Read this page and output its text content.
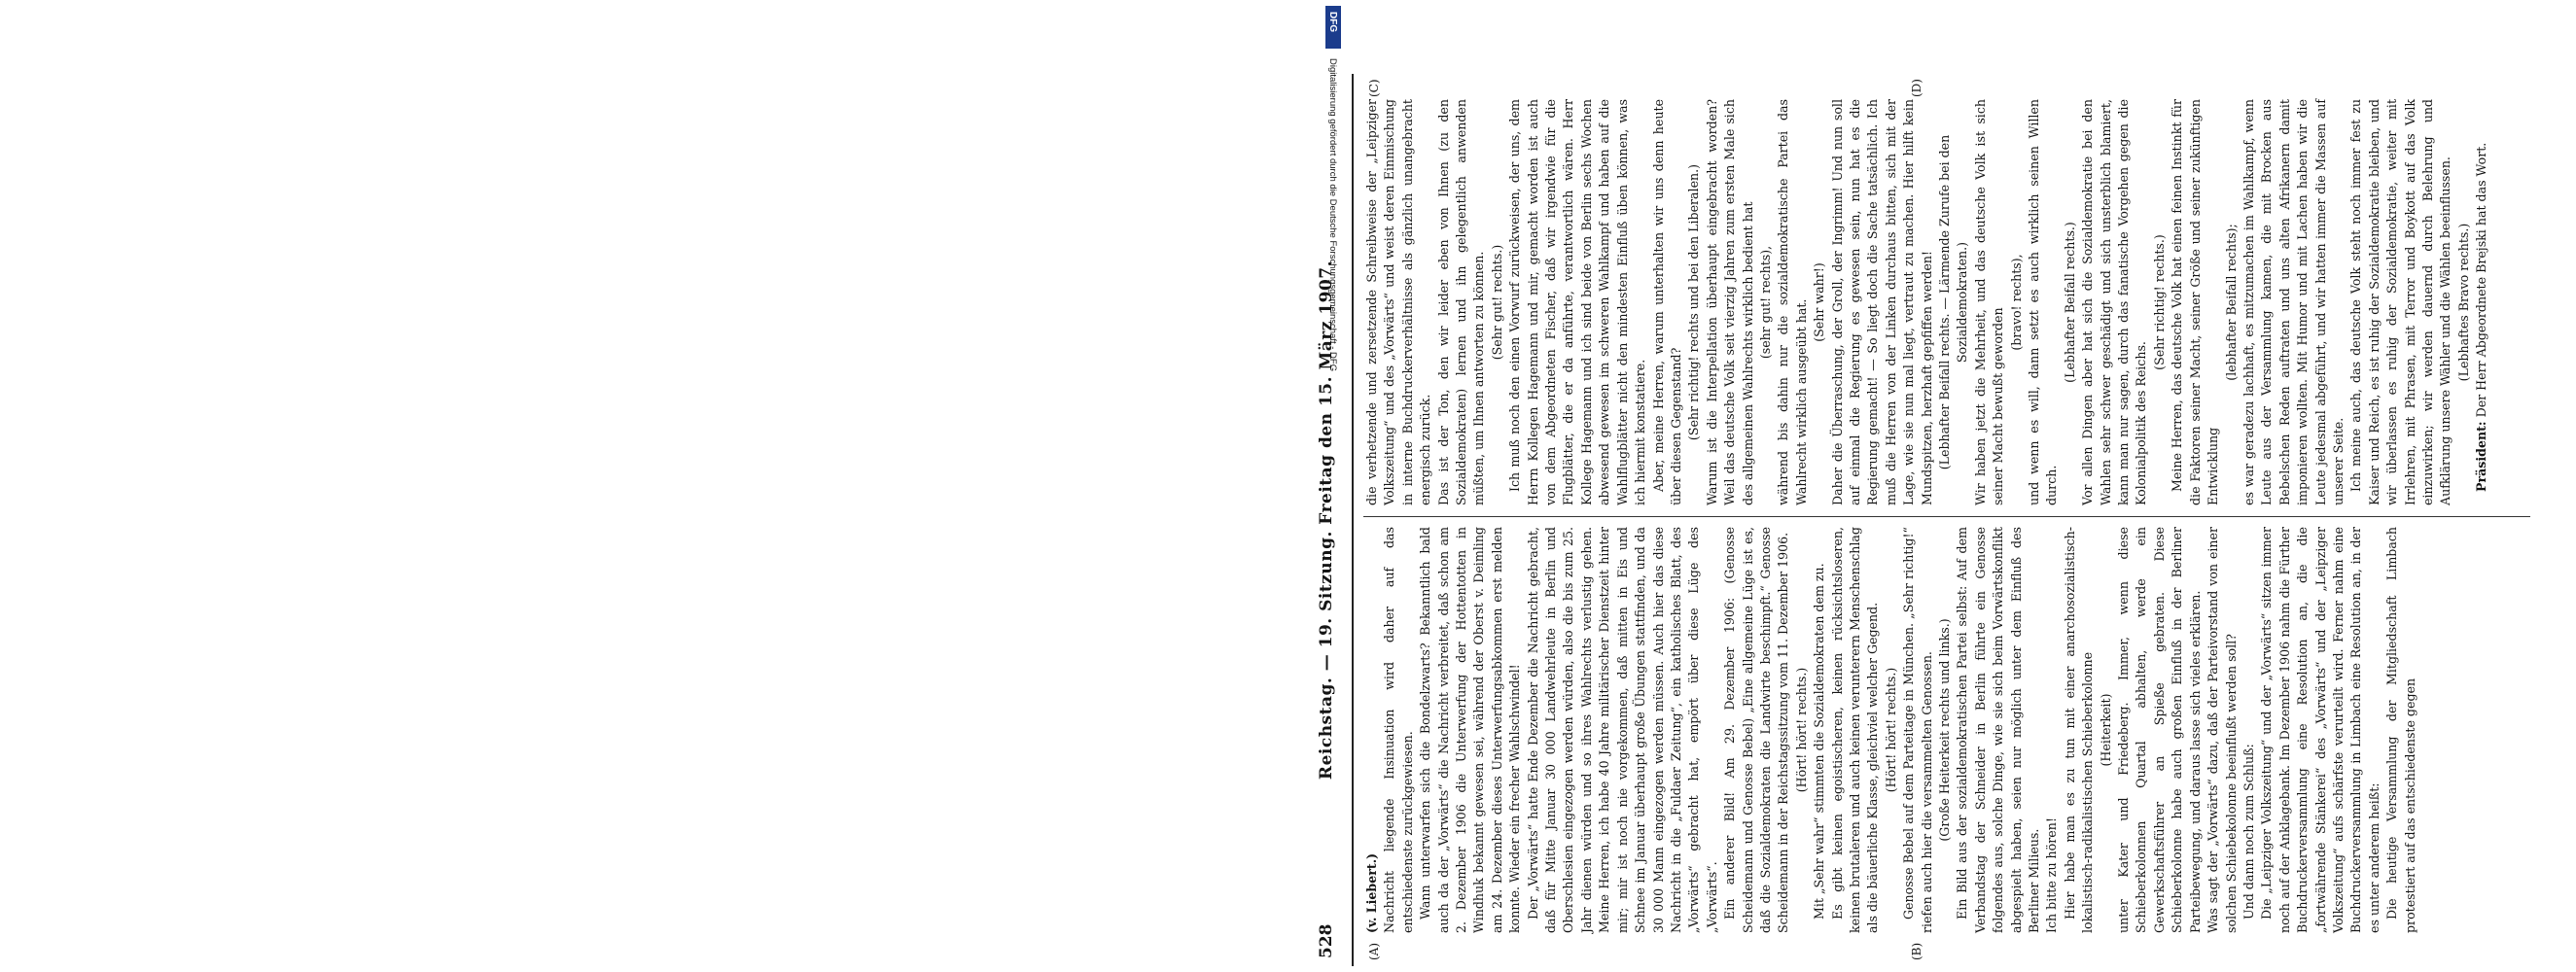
528
Reichstag. — 19. Sitzung. Freitag den 15. März 1907.
(A)	(B)
(C)	(D)

(v. Liebert.) Nachricht liegende Insinuation wird daher auf das entschiedenste zurückgewiesen. Wann unterwarfen sich die Bondelzwarts? Bekanntlich bald auch da der „Vorwärts“ die Nachricht verbreitet, daß schon am 2. Dezember 1906 die Unterwerfung der Hottentotten in Windhuk bekannt gewesen sei, während der Oberst v. Deimling am 24. Dezember dieses Unterwerfungsabkommen erst melden konnte. Wieder ein frecher Wahlschwindel! Der „Vorwärts“ hatte Ende Dezember die Nachricht gebracht, daß für Mitte Januar 30 000 Landwehrleute in Berlin und Oberschlesien eingezogen werden würden, also die bis zum 25. Jahr dienen würden und so ihres Wahlrechts verlustig gehen. Meine Herren, ich habe 40 Jahre militärischer Dienstzeit hinter mir; mir ist noch nie vorgekommen, daß mitten in Eis und Schnee im Januar überhaupt große Übungen stattfinden, und da 30 000 Mann eingezogen werden müssen. Auch hier das diese Nachricht in die „Fuldaer Zeitung“, ein katholisches Blatt, des „Vorwärts“ gebracht hat, empört über diese Lüge des „Vorwärts“. Ein anderer Bild! Am 29. Dezember 1906: (Genosse Scheidemann und Genosse Bebel) „Eine allgemeine Lüge ist es, daß die Sozialdemokraten die Landwirte beschimpft.“ Genosse Scheidemann in der Reichstagssitzung vom 11. Dezember 1906. (Hört! hört! rechts.) Mit „Sehr wahr“ stimmten die Sozialdemokraten dem zu. Es gibt keinen egoistischeren, keinen rücksichtsloseren, keinen brutaleren und auch keinen verunterern Menschenschlag als die bäuerliche Klasse, gleichviel welcher Gegend. (Hört! hört! rechts.) Genosse Bebel auf dem Parteitage in München. „Sehr richtig!“ riefen auch hier die versammelten Genossen. (Große Heiterkeit rechts und links.) Ein Bild aus der sozialdemokratischen Partei selbst: Auf dem Verbandstag der Schneider in Berlin führte ein Genosse folgendes aus, solche Dinge, wie sie sich beim Vorwärtskonflikt abgespielt haben, seien nur möglich unter dem Einfluß des Berliner Milieus. Ich bitte zu hören! Hier habe man es zu tun mit einer anarchosozialistisch-lokalistisch-radikalistischen Schieberkolonne (Heiterkeit) unter Kater und Friedeberg. Immer, wenn diese Schieberkolonnen Quartal abhalten, werde ein Gewerkschaftsführer an Spieße gebraten. Diese Schieberkolonne habe auch großen Einfluß in der Berliner Parteibewegung, und daraus lasse sich vieles erklären. Was sagt der „Vorwärts“ dazu, daß der Parteivorstand von einer solchen Schiebekolonne beeinflußt werden soll? Und dann noch zum Schluß: Die „Leipziger Volkszeitung“ und der „Vorwärts“ sitzen immer noch auf der Anklagebank. Im Dezember 1906 nahm die Fürther Buchdruckerversammlung eine Resolution an, die die „fortwährende Stänkerei“ des „Vorwärts“ und der „Leipziger Volkszeitung“ aufs schärfste verurteilt wird. Ferner nahm eine Buchdruckerversammlung in Limbach eine Resolution an, in der es unter anderem heißt: Die heutige Versammlung der Mitgliedschaft Limbach protestiert auf das entschiedenste gegen

die verhetzende und zersetzende Schreibweise der „Leipziger Volkszeitung“ und des „Vorwärts“ und weist deren Einmischung in interne Buchdruckerverhältnisse als gänzlich unangebracht energisch zurück. Das ist der Ton, den wir leider eben von Ihnen (zu den Sozialdemokraten) lernen und ihn gelegentlich anwenden müßten, um Ihnen antworten zu können. (Sehr gut! rechts.) Ich muß noch den einen Vorwurf zurückweisen, der uns, dem Herrn Kollegen Hagemann und mir, gemacht worden ist auch von dem Abgeordneten Fischer, daß wir irgendwie für die Flugblätter, die er da anführte, verantwortlich wären. Herr Kollege Hagemann und ich sind beide von Berlin sechs Wochen abwesend gewesen im schweren Wahlkampf und haben auf die Wahlflugblätter nicht den mindesten Einfluß üben können, was ich hiermit konstatiere. Aber, meine Herren, warum unterhalten wir uns denn heute über diesen Gegenstand? (Sehr richtig! rechts und bei den Liberalen.) Warum ist die Interpellation überhaupt eingebracht worden? Weil das deutsche Volk seit vierzig Jahren zum ersten Male sich des allgemeinen Wahlrechts wirklich bedient hat (sehr gut! rechts), während bis dahin nur die sozialdemokratische Partei das Wahlrecht wirklich ausgeübt hat. (Sehr wahr!) Daher die Überraschung, der Groll, der Ingrimm! Und nun soll auf einmal die Regierung es gewesen sein, nun hat es die Regierung gemacht! — So liegt doch die Sache tatsächlich. Ich muß die Herren von der Linken durchaus bitten, sich mit der Lage, wie sie nun mal liegt, vertraut zu machen. Hier hilft kein Mundspitzen, herzhaft gepfiffen werden! (Lebhafter Beifall rechts. — Lärmende Zurufe bei den Sozialdemokraten.) Wir haben jetzt die Mehrheit, und das deutsche Volk ist sich seiner Macht bewußt geworden

(bravo! rechts), und wenn es will, dann setzt es auch wirklich seinen Willen durch.

(Lebhafter Beifall rechts.) Vor allen Dingen aber hat sich die Sozialdemokratie bei den Wahlen sehr schwer geschädigt und sich unsterblich blamiert, kann man nur sagen, durch das fanatische Vorgehen gegen die Kolonialpolitik des Reichs.

(Sehr richtig! rechts.) Meine Herren, das deutsche Volk hat einen feinen Instinkt für die Faktoren seiner Macht, seiner Größe und seiner zukünftigen Entwicklung

(lebhafter Beifall rechts); es war geradezu lachhaft, es mitzumachen im Wahlkampf, wenn Leute aus der Versammlung kamen, die mit Brocken aus Bebelschen Reden auftraten und uns alten Afrikanern damit imponieren wollten. Mit Humor und mit Lachen haben wir die Leute jedesmal abgeführt, und wir hatten immer die Massen auf unserer Seite. Ich meine auch, das deutsche Volk steht noch immer fest zu Kaiser und Reich, es ist ruhig der Sozialdemokratie bleiben, und wir überlassen es ruhig der Sozialdemokratie, weiter mit Irrlehren, mit Phrasen, mit Terror und Boykott auf das Volk einzuwirken; wir werden dauernd durch Belehrung und Aufklärung unsere Wähler und die Wählen beeinflussen. (Lebhaftes Bravo rechts.)

Präsident: Der Herr Abgeordnete Brejski hat das Wort.

DFG
Digitalisierung gefördert durch die Deutsche Forschungsgemeinschaft - DFG
